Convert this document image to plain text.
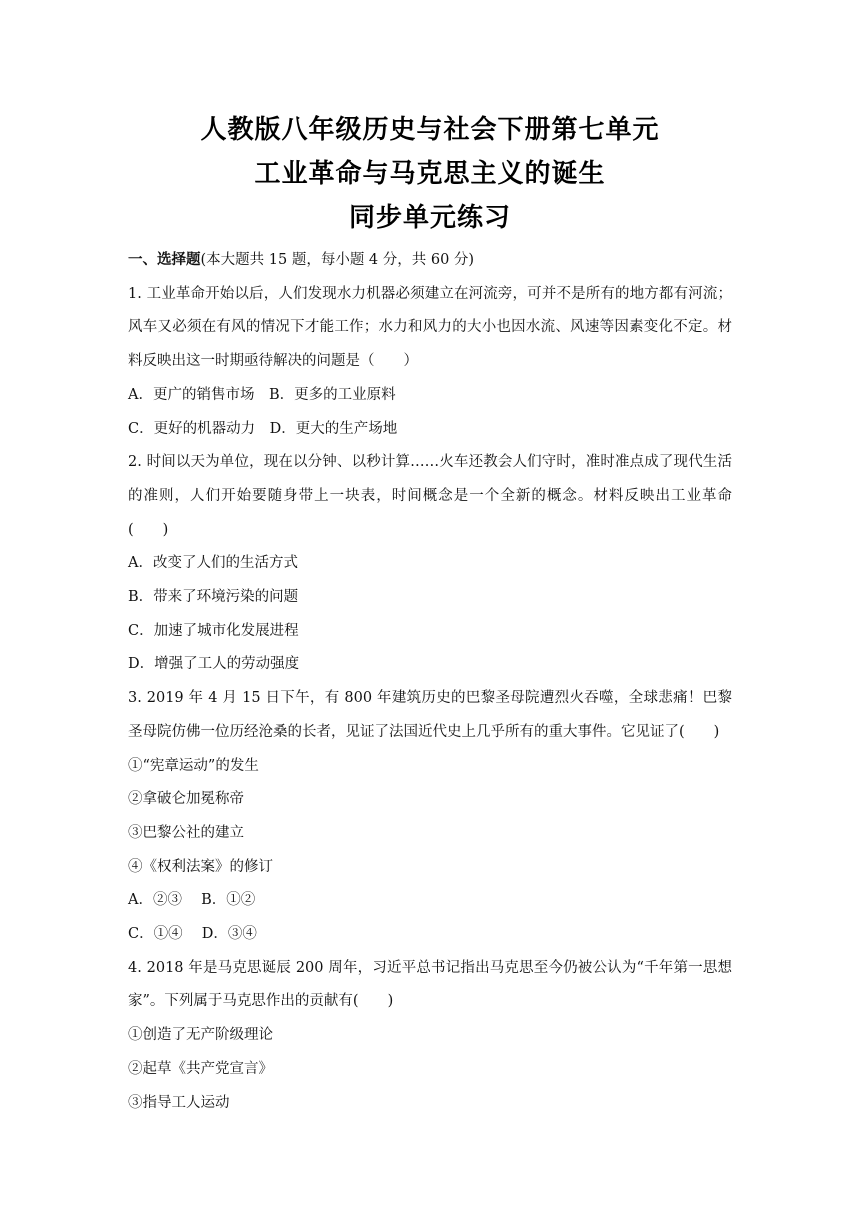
人教版八年级历史与社会下册第七单元
工业革命与马克思主义的诞生
同步单元练习

一、选择题(本大题共 15 题，每小题 4 分，共 60 分)

1. 工业革命开始以后，人们发现水力机器必须建立在河流旁，可并不是所有的地方都有河流；风车又必须在有风的情况下才能工作；水力和风力的大小也因水流、风速等因素变化不定。材料反映出这一时期亟待解决的问题是（　　）

A．更广的销售市场　B．更多的工业原料

C．更好的机器动力　D．更大的生产场地

2. 时间以天为单位，现在以分钟、以秒计算……火车还教会人们守时，准时准点成了现代生活的准则，人们开始要随身带上一块表，时间概念是一个全新的概念。材料反映出工业革命(　　)

A．改变了人们的生活方式

B．带来了环境污染的问题

C．加速了城市化发展进程

D．增强了工人的劳动强度

3. 2019 年 4 月 15 日下午，有 800 年建筑历史的巴黎圣母院遭烈火吞噬，全球悲痛！巴黎圣母院仿佛一位历经沧桑的长者，见证了法国近代史上几乎所有的重大事件。它见证了(　　)

①“宪章运动”的发生

②拿破仑加冕称帝

③巴黎公社的建立

④《权利法案》的修订

A．②③　 B．①②

C．①④　 D．③④

4. 2018 年是马克思诞辰 200 周年，习近平总书记指出马克思至今仍被公认为“千年第一思想家”。下列属于马克思作出的贡献有(　　)

①创造了无产阶级理论

②起草《共产党宣言》

③指导工人运动
